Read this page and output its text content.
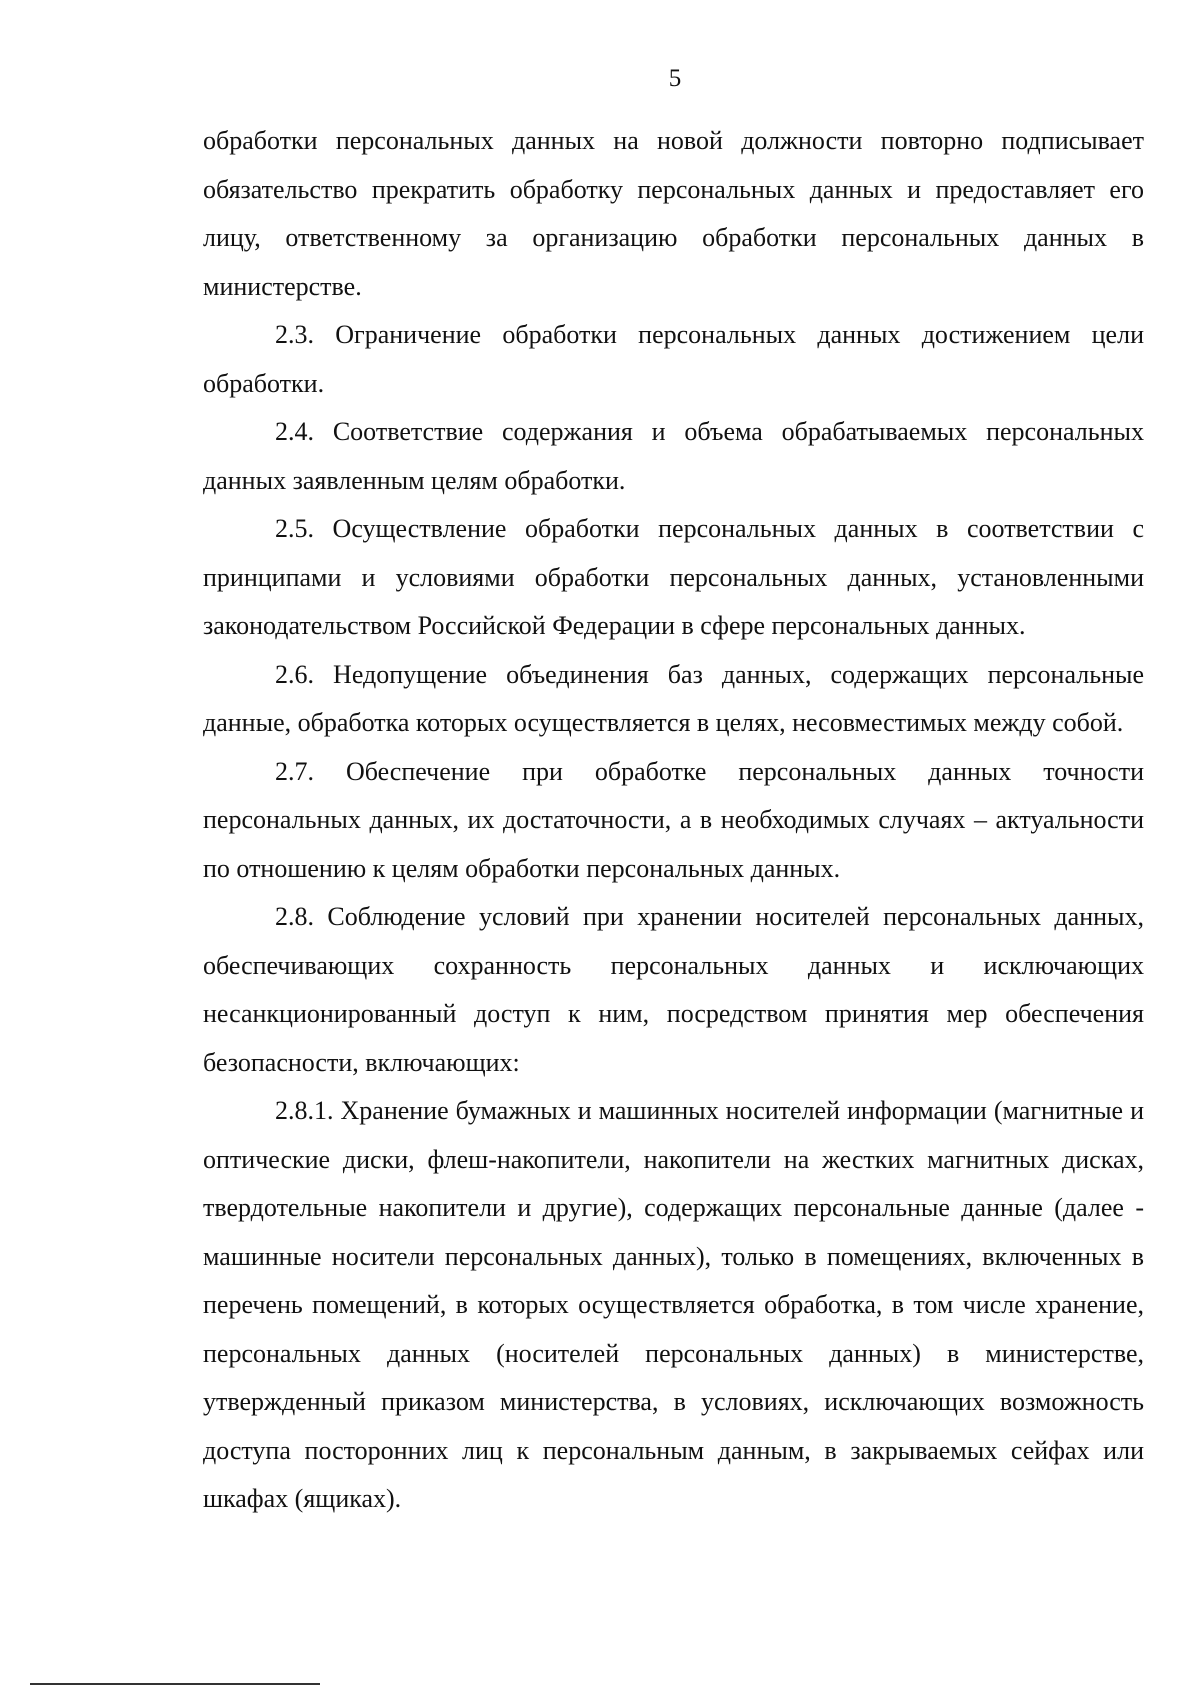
5

обработки персональных данных на новой должности повторно подписывает обязательство прекратить обработку персональных данных и предоставляет его лицу, ответственному за организацию обработки персональных данных в министерстве.

2.3. Ограничение обработки персональных данных достижением цели обработки.

2.4. Соответствие содержания и объема обрабатываемых персональных данных заявленным целям обработки.

2.5. Осуществление обработки персональных данных в соответствии с принципами и условиями обработки персональных данных, установленными законодательством Российской Федерации в сфере персональных данных.

2.6. Недопущение объединения баз данных, содержащих персональные данные, обработка которых осуществляется в целях, несовместимых между собой.

2.7. Обеспечение при обработке персональных данных точности персональных данных, их достаточности, а в необходимых случаях – актуальности по отношению к целям обработки персональных данных.

2.8. Соблюдение условий при хранении носителей персональных данных, обеспечивающих сохранность персональных данных и исключающих несанкционированный доступ к ним, посредством принятия мер обеспечения безопасности, включающих:

2.8.1. Хранение бумажных и машинных носителей информации (магнитные и оптические диски, флеш-накопители, накопители на жестких магнитных дисках, твердотельные накопители и другие), содержащих персональные данные (далее - машинные носители персональных данных), только в помещениях, включенных в перечень помещений, в которых осуществляется обработка, в том числе хранение, персональных данных (носителей персональных данных) в министерстве, утвержденный приказом министерства, в условиях, исключающих возможность доступа посторонних лиц к персональным данным, в закрываемых сейфах или шкафах (ящиках).
